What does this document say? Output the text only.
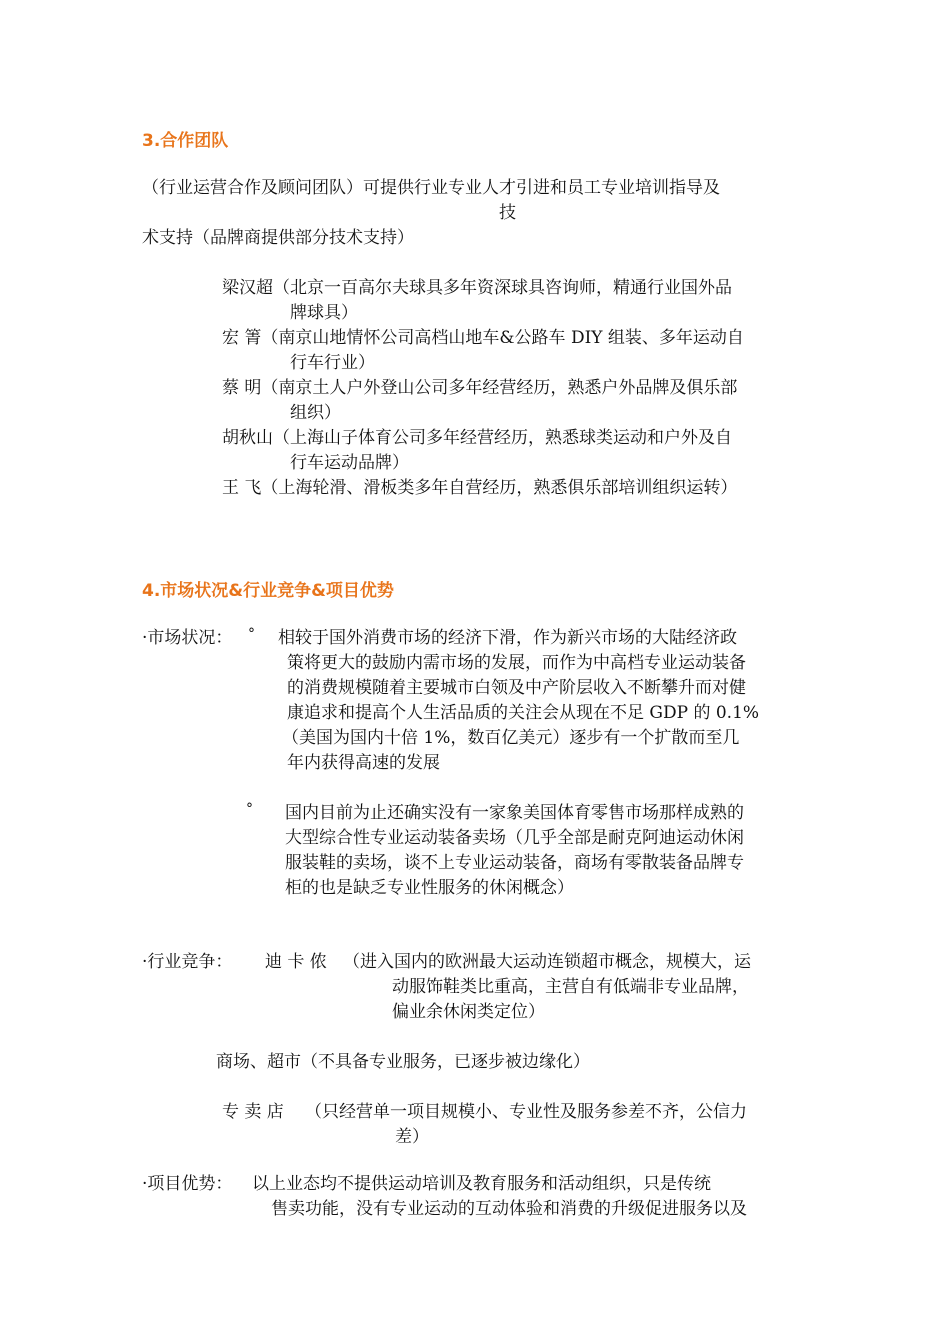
3.合作团队
（行业运营合作及顾问团队）可提供行业专业人才引进和员工专业培训指导及
技
术支持（品牌商提供部分技术支持）
梁汉超（北京一百高尔夫球具多年资深球具咨询师，精通行业国外品
牌球具）
宏 箐（南京山地情怀公司高档山地车&公路车 DIY 组装、多年运动自
行车行业）
蔡 明（南京土人户外登山公司多年经营经历，熟悉户外品牌及俱乐部
组织）
胡秋山（上海山子体育公司多年经营经历，熟悉球类运动和户外及自
行车运动品牌）
王 飞（上海轮滑、滑板类多年自营经历，熟悉俱乐部培训组织运转）
4.市场状况&行业竞争&项目优势
·市场状况： ° 相较于国外消费市场的经济下滑，作为新兴市场的大陆经济政
策将更大的鼓励内需市场的发展，而作为中高档专业运动装备
的消费规模随着主要城市白领及中产阶层收入不断攀升而对健
康追求和提高个人生活品质的关注会从现在不足 GDP 的 0.1%
（美国为国内十倍 1%，数百亿美元）逐步有一个扩散而至几
年内获得高速的发展
° 国内目前为止还确实没有一家象美国体育零售市场那样成熟的
大型综合性专业运动装备卖场（几乎全部是耐克阿迪运动休闲
服装鞋的卖场，谈不上专业运动装备，商场有零散装备品牌专
柜的也是缺乏专业性服务的休闲概念）
·行业竞争： 迪 卡 侬 （进入国内的欧洲最大运动连锁超市概念，规模大，运
动服饰鞋类比重高，主营自有低端非专业品牌，
偏业余休闲类定位）
商场、超市（不具备专业服务，已逐步被边缘化）
专 卖 店 （只经营单一项目规模小、专业性及服务参差不齐，公信力
差）
·项目优势： 以上业态均不提供运动培训及教育服务和活动组织，只是传统
售卖功能，没有专业运动的互动体验和消费的升级促进服务以及
